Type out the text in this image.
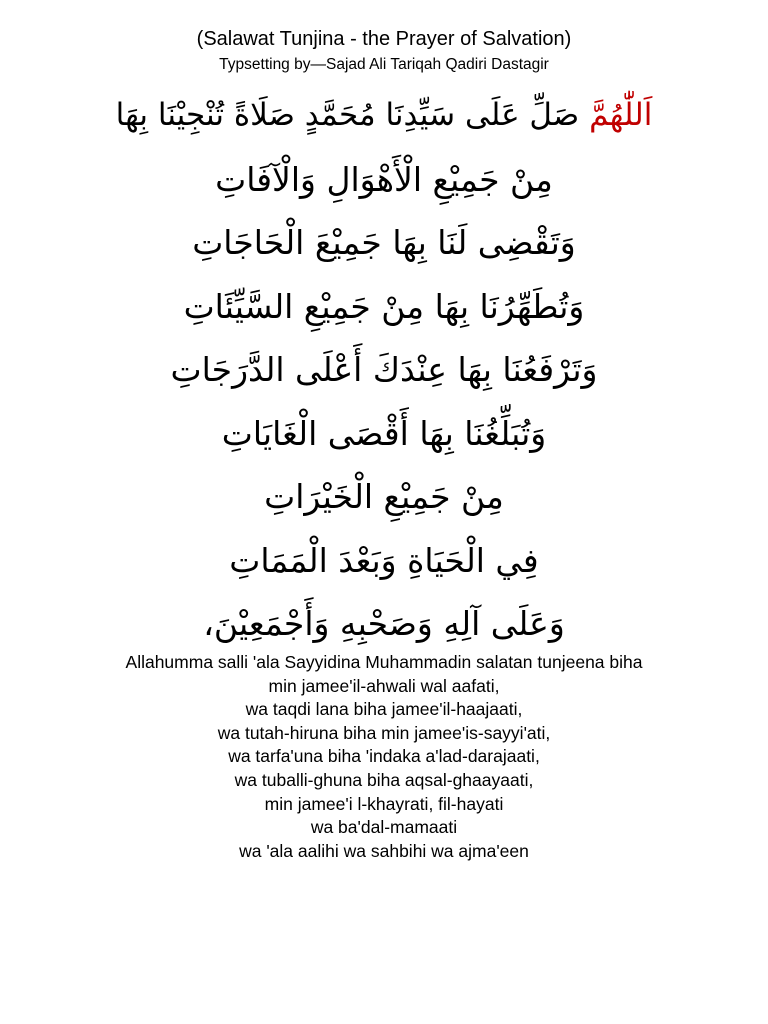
(Salawat Tunjina - the Prayer of Salvation)
Typsetting by—Sajad Ali Tariqah Qadiri Dastagir
اَللّٰهُمَّ صَلِّ عَلَى سَيِّدِنَا مُحَمَّدٍ صَلَاةً تُنْجِيْنَا بِهَا
مِنْ جَمِيْعِ الْأَهْوَالِ وَالْآفَاتِ
وَتَقْضِى لَنَا بِهَا جَمِيْعَ الْحَاجَاتِ
وَتُطَهِّرُنَا بِهَا مِنْ جَمِيْعِ السَّيِّئَاتِ
وَتَرْفَعُنَا بِهَا عِنْدَكَ أَعْلَى الدَّرَجَاتِ
وَتُبَلِّغُنَا بِهَا أَقْصَى الْغَايَاتِ
مِنْ جَمِيْعِ الْخَيْرَاتِ
فِي الْحَيَاةِ وَبَعْدَ الْمَمَاتِ
وَعَلَى آلِهِ وَصَحْبِهِ وَأَجْمَعِيْنَ،
Allahumma salli 'ala Sayyidina Muhammadin salatan tunjeena biha
min jamee'il-ahwali wal aafati,
wa taqdi lana biha jamee'il-haajaati,
wa tutah-hiruna biha min jamee'is-sayyi'ati,
wa tarfa'una biha 'indaka a'lad-darajaati,
wa tuballi-ghuna biha aqsal-ghaayaati,
min jamee'i l-khayrati, fil-hayati
wa ba'dal-mamaati
wa 'ala aalihi wa sahbihi wa ajma'een
